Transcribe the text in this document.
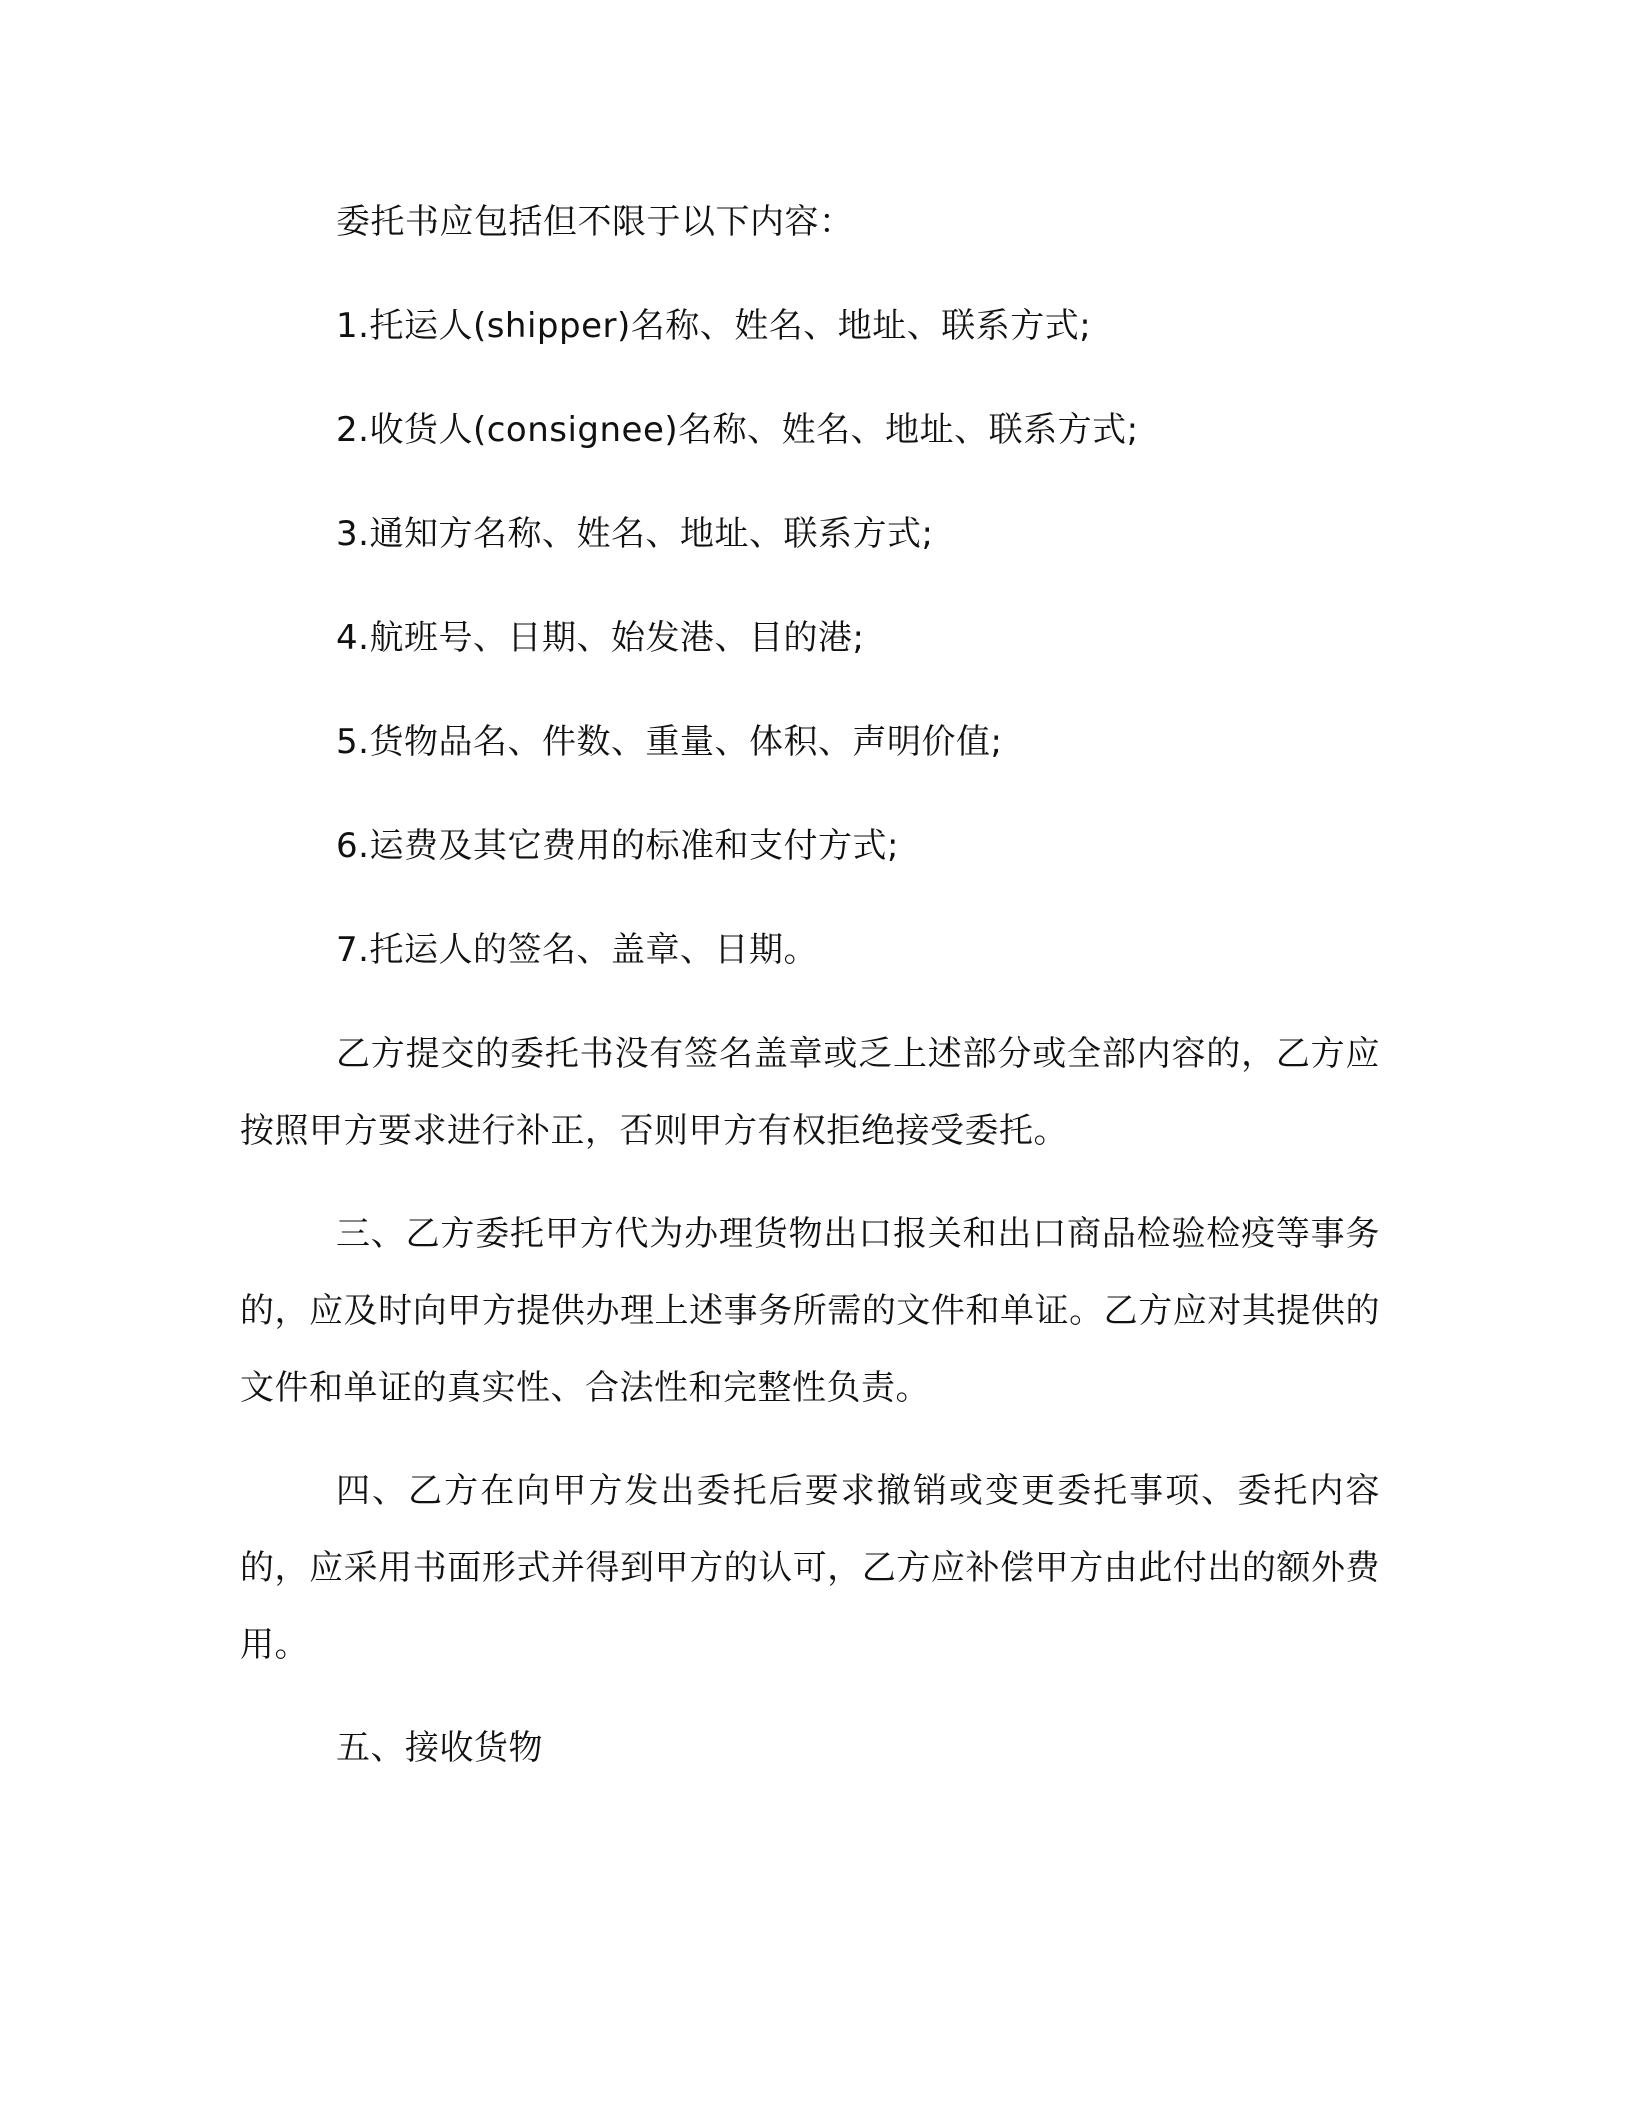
委托书应包括但不限于以下内容：

1.托运人(shipper)名称、姓名、地址、联系方式;

2.收货人(consignee)名称、姓名、地址、联系方式;

3.通知方名称、姓名、地址、联系方式;

4.航班号、日期、始发港、目的港;

5.货物品名、件数、重量、体积、声明价值;

6.运费及其它费用的标准和支付方式;

7.托运人的签名、盖章、日期。

乙方提交的委托书没有签名盖章或乏上述部分或全部内容的，乙方应按照甲方要求进行补正，否则甲方有权拒绝接受委托。

三、乙方委托甲方代为办理货物出口报关和出口商品检验检疫等事务的，应及时向甲方提供办理上述事务所需的文件和单证。乙方应对其提供的文件和单证的真实性、合法性和完整性负责。

四、乙方在向甲方发出委托后要求撤销或变更委托事项、委托内容的，应采用书面形式并得到甲方的认可，乙方应补偿甲方由此付出的额外费用。

五、接收货物
